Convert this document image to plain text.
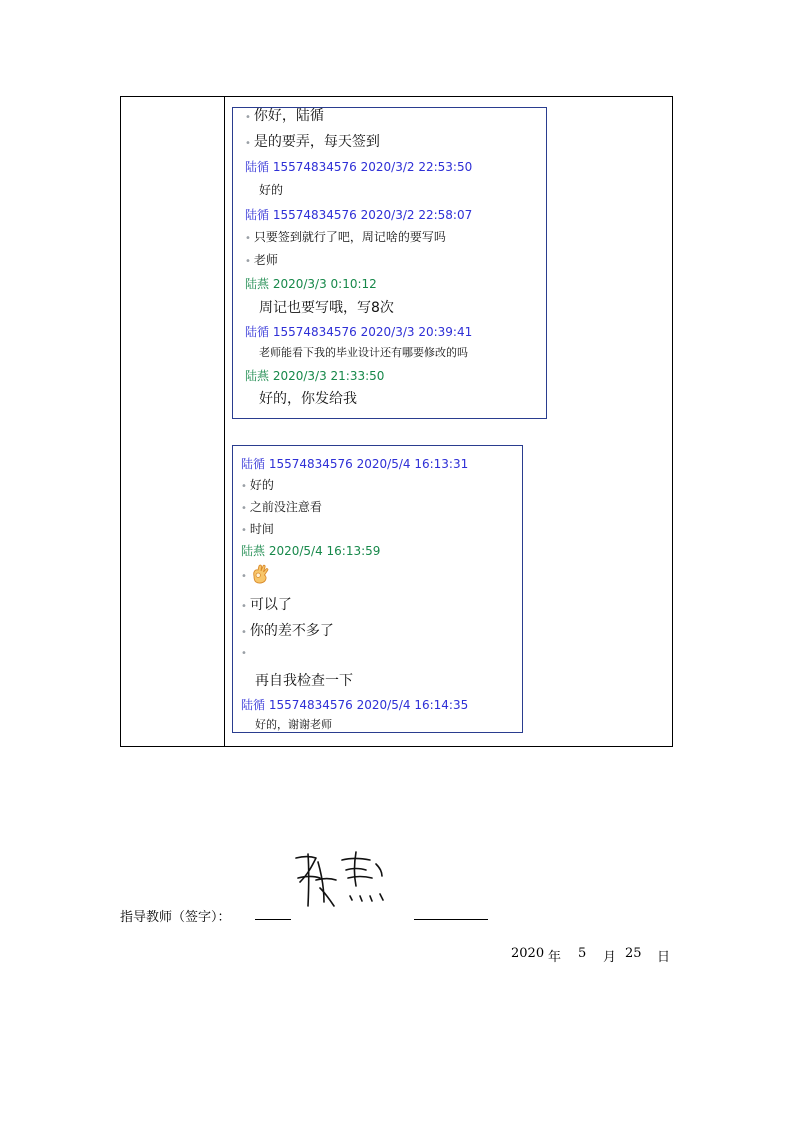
• 你好，陆循
• 是的要弄，每天签到
陆循 15574834576 2020/3/2 22:53:50
好的
陆循 15574834576 2020/3/2 22:58:07
• 只要签到就行了吧，周记啥的要写吗
• 老师
陆燕 2020/3/3 0:10:12
周记也要写哦，写8次
陆循 15574834576 2020/3/3 20:39:41
老师能看下我的毕业设计还有哪要修改的吗
陆燕 2020/3/3 21:33:50
好的，你发给我
陆循 15574834576 2020/5/4 16:13:31
• 好的
• 之前没注意看
• 时间
陆燕 2020/5/4 16:13:59
•
• 可以了
• 你的差不多了
•
再自我检查一下
陆循 15574834576 2020/5/4 16:14:35
好的，谢谢老师
指导教师（签字）：
2020 年 5 月 25 日
